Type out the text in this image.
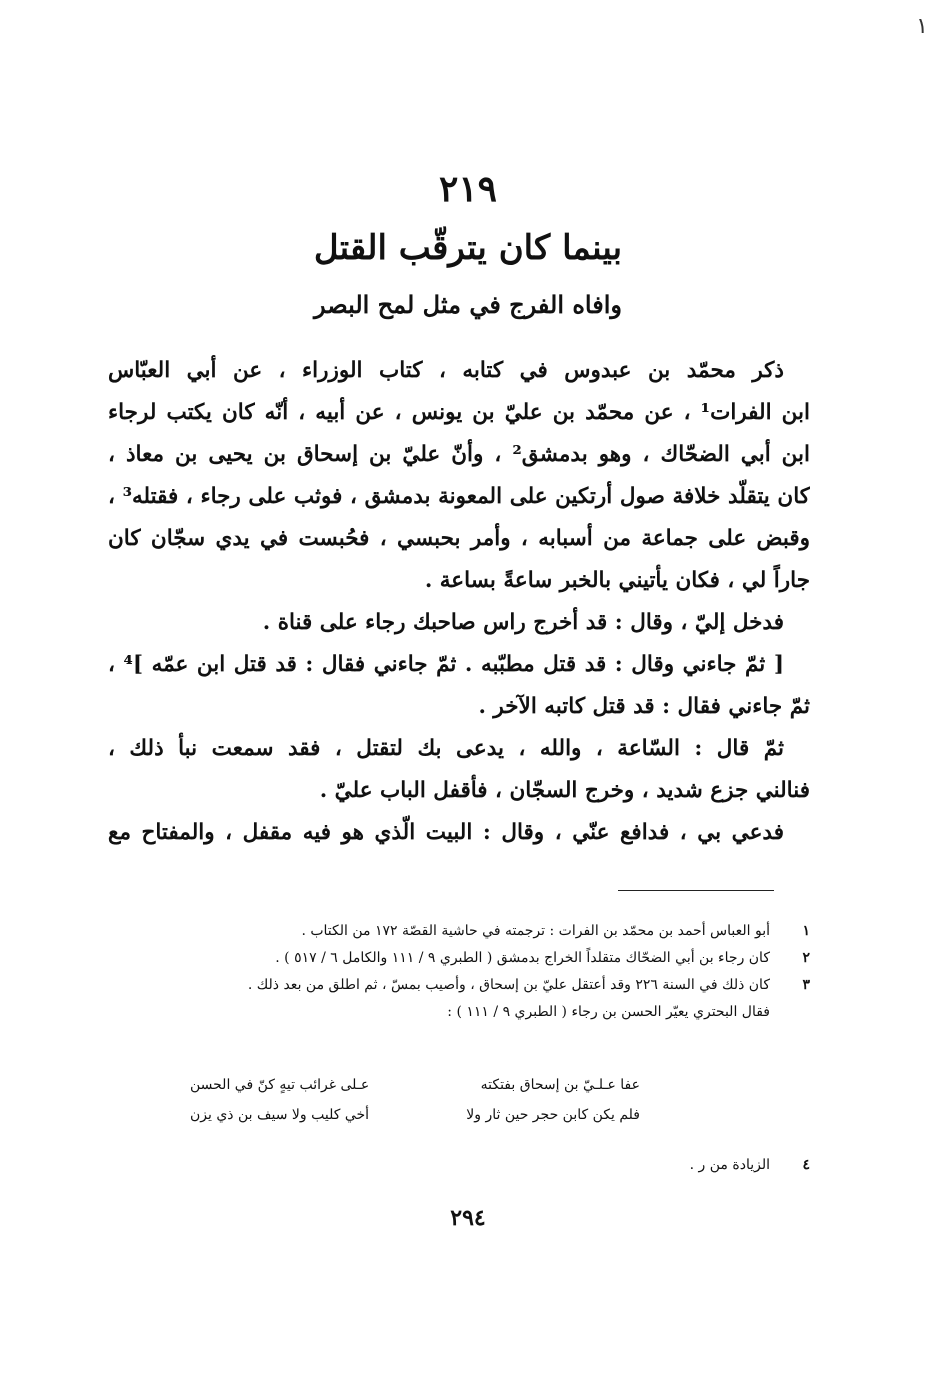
١
٢١٩
بينما كان يترقّب القتل
وافاه الفرج في مثل لمح البصر
ذكر محمّد بن عبدوس في كتابه ، كتاب الوزراء ، عن أبي العبّاس
ابن الفرات¹ ، عن محمّد بن عليّ بن يونس ، عن أبيه ، أنّه كان يكتب لرجاء
ابن أبي الضحّاك ، وهو بدمشق² ، وأنّ عليّ بن إسحاق بن يحيى بن معاذ ،
كان يتقلّد خلافة صول أرتكين على المعونة بدمشق ، فوثب على رجاء ، فقتله³ ،
وقبض على جماعة من أسبابه ، وأمر بحبسي ، فحُبست في يدي سجّان كان
جاراً لي ، فكان يأتيني بالخبر ساعةً بساعة .
فدخل إليّ ، وقال : قد أخرج راس صاحبك رجاء على قناة .
[ ثمّ جاءني وقال : قد قتل مطبّبه . ثمّ جاءني فقال : قد قتل ابن عمّه ]⁴ ،
ثمّ جاءني فقال : قد قتل كاتبه الآخر .
ثمّ قال : السّاعة ، والله ، يدعى بك لتقتل ، فقد سمعت نبأ ذلك ،
فنالني جزع شديد ، وخرج السجّان ، فأقفل الباب عليّ .
فدعي بي ، فدافع عنّي ، وقال : البيت الّذي هو فيه مقفل ، والمفتاح مع
١
أبو العباس أحمد بن محمّد بن الفرات : ترجمته في حاشية القصّة ١٧٢ من الكتاب .
٢
كان رجاء بن أبي الضحّاك متقلداً الخراج بدمشق ( الطبري ٩ / ١١١ والكامل ٦ / ٥١٧ ) .
٣
كان ذلك في السنة ٢٢٦ وقد أعتقل عليّ بن إسحاق ، وأصيب بمسّ ، ثم اطلق من بعد ذلك .
فقال البحتري يعيّر الحسن بن رجاء ( الطبري ٩ / ١١١ ) :
عفا عـلـيّ بن إسحاق بفتكته
عـلى غرائب تيهٍ كنّ في الحسن
فلم يكن كابن حجر حين ثار ولا
أخي كليب ولا سيف بن ذي يزن
٤
الزيادة من ر .
٢٩٤
